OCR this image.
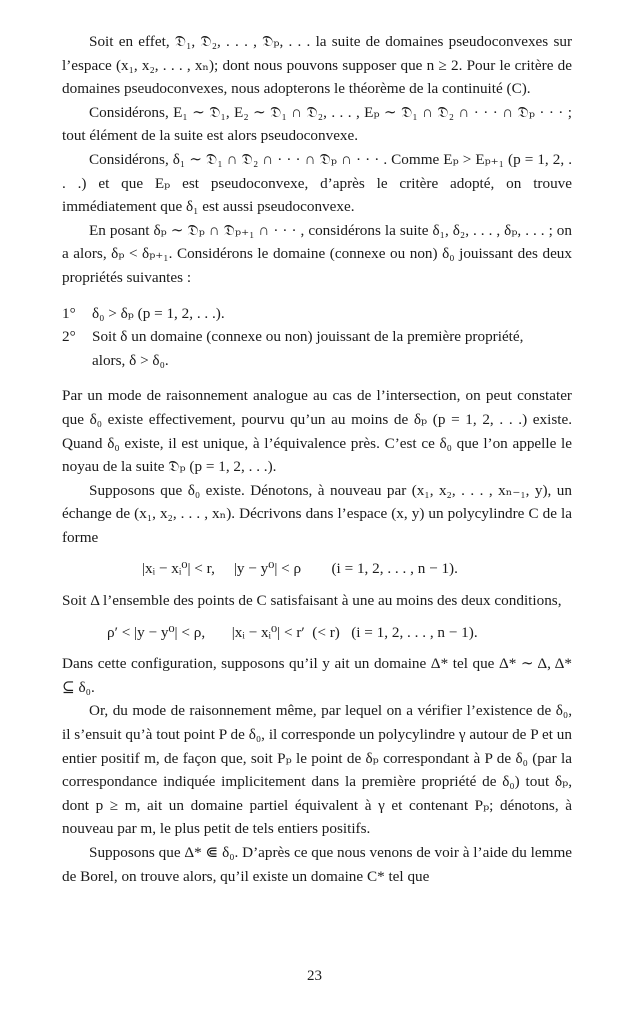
Soit en effet, 𝔇₁, 𝔇₂, . . . , 𝔇ₚ, . . . la suite de domaines pseudoconvexes sur l’espace (x₁, x₂, . . . , xₙ); dont nous pouvons supposer que n ≥ 2. Pour le critère de domaines pseudoconvexes, nous adopterons le théorème de la continuité (C).

Considérons, E₁ ∼ 𝔇₁, E₂ ∼ 𝔇₁ ∩ 𝔇₂, . . . , Eₚ ∼ 𝔇₁ ∩ 𝔇₂ ∩ · · · ∩ 𝔇ₚ · · · ; tout élément de la suite est alors pseudoconvexe.

Considérons, δ₁ ∼ 𝔇₁ ∩ 𝔇₂ ∩ · · · ∩ 𝔇ₚ ∩ · · · . Comme Eₚ > Eₚ₊₁ (p = 1, 2, . . .) et que Eₚ est pseudoconvexe, d’après le critère adopté, on trouve immédiatement que δ₁ est aussi pseudoconvexe.

En posant δₚ ∼ 𝔇ₚ ∩ 𝔇ₚ₊₁ ∩ · · · , considérons la suite δ₁, δ₂, . . . , δₚ, . . . ; on a alors, δₚ < δₚ₊₁. Considérons le domaine (connexe ou non) δ₀ jouissant des deux propriétés suivantes :

1°	δ₀ > δₚ (p = 1, 2, . . .).
2°	Soit δ un domaine (connexe ou non) jouissant de la première propriété,
alors, δ > δ₀.

Par un mode de raisonnement analogue au cas de l’intersection, on peut constater que δ₀ existe effectivement, pourvu qu’un au moins de δₚ (p = 1, 2, . . .) existe. Quand δ₀ existe, il est unique, à l’équivalence près. C’est ce δ₀ que l’on appelle le noyau de la suite 𝔇ₚ (p = 1, 2, . . .).

Supposons que δ₀ existe. Dénotons, à nouveau par (x₁, x₂, . . . , xₙ₋₁, y), un échange de (x₁, x₂, . . . , xₙ). Décrivons dans l’espace (x, y) un polycylindre C de la forme

|xᵢ − xᵢ⁰| < r,     |y − y⁰| < ρ        (i = 1, 2, . . . , n − 1).

Soit Δ l’ensemble des points de C satisfaisant à une au moins des deux conditions,

ρ′ < |y − y⁰| < ρ,       |xᵢ − xᵢ⁰| < r′  (< r)   (i = 1, 2, . . . , n − 1).

Dans cette configuration, supposons qu’il y ait un domaine Δ* tel que Δ* ∼ Δ, Δ* ⊆ δ₀.

Or, du mode de raisonnement même, par lequel on a vérifier l’existence de δ₀, il s’ensuit qu’à tout point P de δ₀, il corresponde un polycylindre γ autour de P et un entier positif m, de façon que, soit Pₚ le point de δₚ correspondant à P de δ₀ (par la correspondance indiquée implicitement dans la première propriété de δ₀) tout δₚ, dont p ≥ m, ait un domaine partiel équivalent à γ et contenant Pₚ; dénotons, à nouveau par m, le plus petit de tels entiers positifs.

Supposons que Δ* ⋐ δ₀. D’après ce que nous venons de voir à l’aide du lemme de Borel, on trouve alors, qu’il existe un domaine C* tel que

23
